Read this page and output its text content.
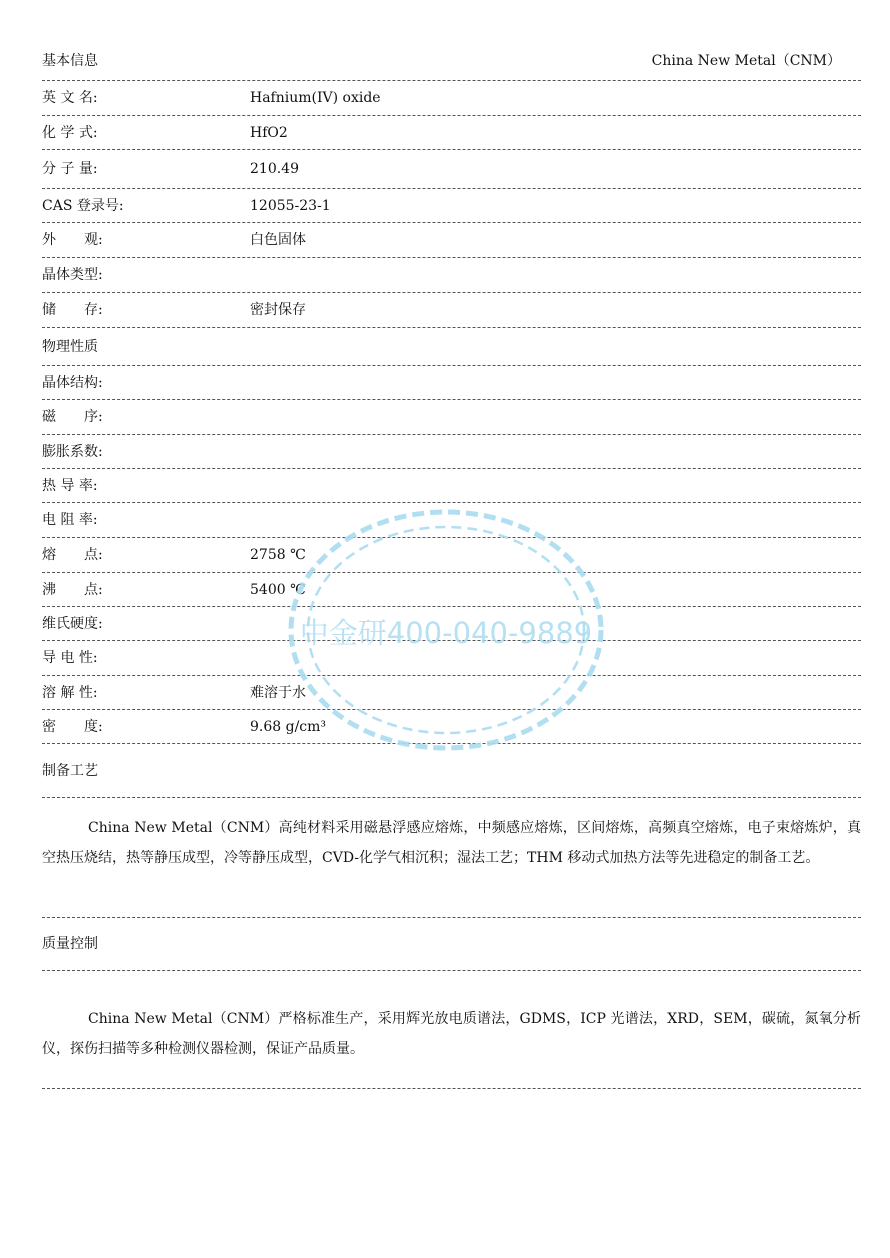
基本信息	China New Metal（CNM）
英 文 名:	Hafnium(IV) oxide
化 学 式:	HfO2
分 子 量:	210.49
CAS 登录号:	12055-23-1
外　　观:	白色固体
晶体类型:
储　　存:	密封保存
物理性质
晶体结构:
磁　　序:
膨胀系数:
热 导 率:
电 阻 率:
熔　　点:	2758 ℃
沸　　点:	5400 ℃
维氏硬度:
导 电 性:
溶 解 性:	难溶于水
密　　度:	9.68 g/cm³
制备工艺
China New Metal（CNM）高纯材料采用磁悬浮感应熔炼，中频感应熔炼，区间熔炼，高频真空熔炼，电子束熔炼炉，真空热压烧结，热等静压成型，冷等静压成型，CVD-化学气相沉积；湿法工艺；THM 移动式加热方法等先进稳定的制备工艺。
质量控制
China New Metal（CNM）严格标准生产，采用辉光放电质谱法，GDMS，ICP 光谱法，XRD，SEM，碳硫，氮氧分析仪，探伤扫描等多种检测仪器检测，保证产品质量。
中金研400-040-9889
